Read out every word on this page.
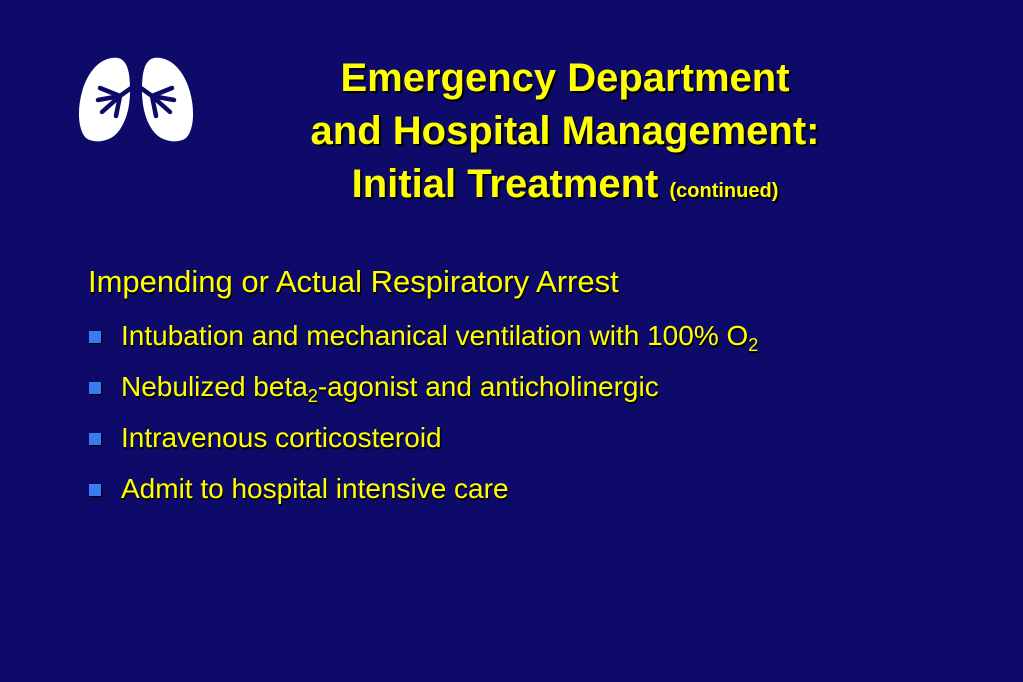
Emergency Department
and Hospital Management:
Initial Treatment (continued)
Impending or Actual Respiratory Arrest
Intubation and mechanical ventilation with 100% $O_2$
Nebulized beta$_2$-agonist and anticholinergic
Intravenous corticosteroid
Admit to hospital intensive care
